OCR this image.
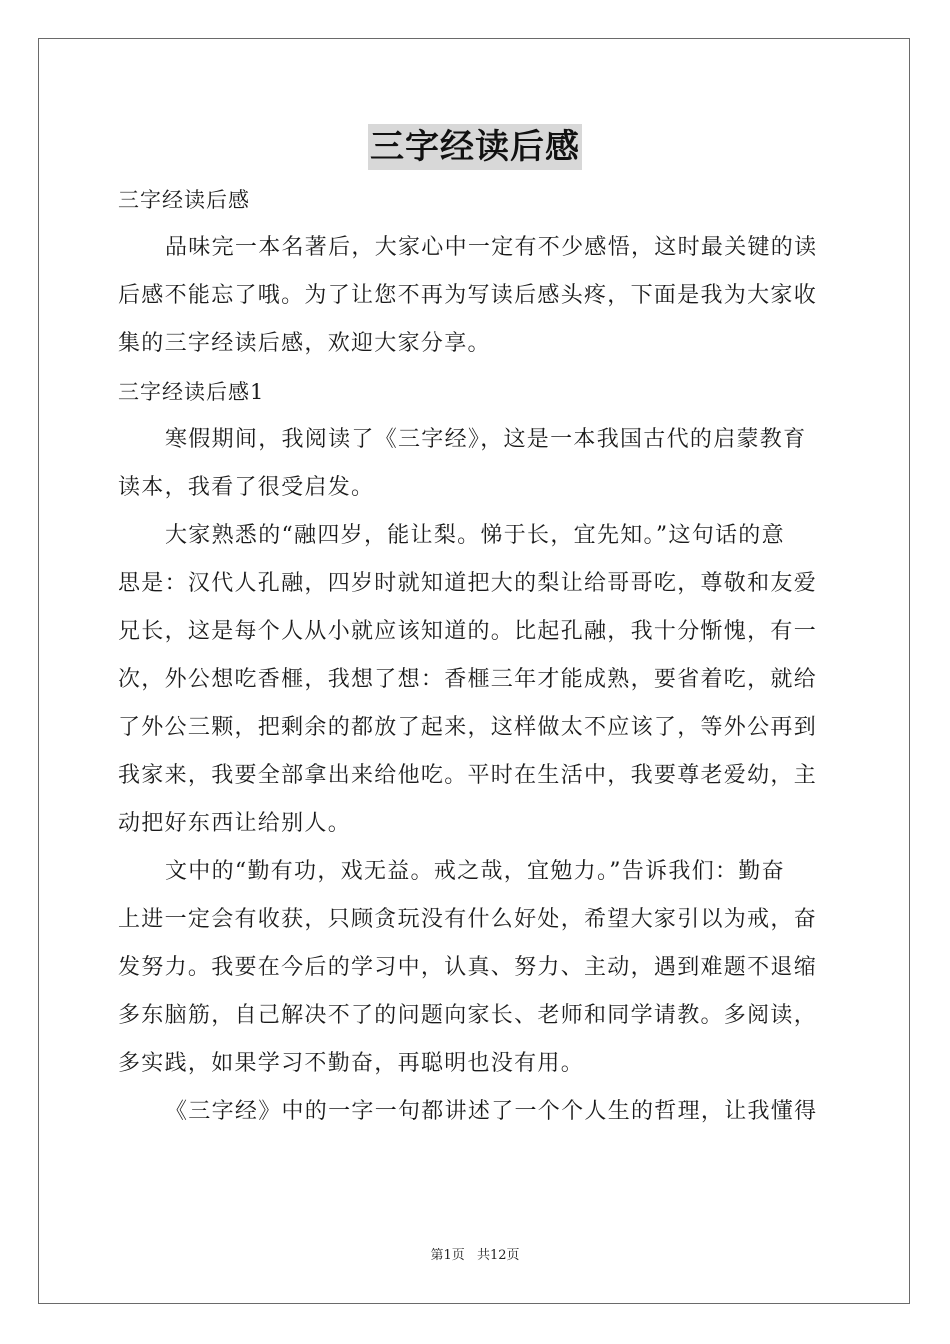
三字经读后感
三字经读后感
品味完一本名著后，大家心中一定有不少感悟，这时最关键的读
后感不能忘了哦。为了让您不再为写读后感头疼，下面是我为大家收
集的三字经读后感，欢迎大家分享。
三字经读后感1
寒假期间，我阅读了《三字经》，这是一本我国古代的启蒙教育
读本，我看了很受启发。
大家熟悉的“融四岁，能让梨。悌于长，宜先知。”这句话的意
思是：汉代人孔融，四岁时就知道把大的梨让给哥哥吃，尊敬和友爱
兄长，这是每个人从小就应该知道的。比起孔融，我十分惭愧，有一
次，外公想吃香榧，我想了想：香榧三年才能成熟，要省着吃，就给
了外公三颗，把剩余的都放了起来，这样做太不应该了，等外公再到
我家来，我要全部拿出来给他吃。平时在生活中，我要尊老爱幼，主
动把好东西让给别人。
文中的“勤有功，戏无益。戒之哉，宜勉力。”告诉我们：勤奋
上进一定会有收获，只顾贪玩没有什么好处，希望大家引以为戒，奋
发努力。我要在今后的学习中，认真、努力、主动，遇到难题不退缩
多东脑筋，自己解决不了的问题向家长、老师和同学请教。多阅读，
多实践，如果学习不勤奋，再聪明也没有用。
《三字经》中的一字一句都讲述了一个个人生的哲理，让我懂得
第1页 共12页
